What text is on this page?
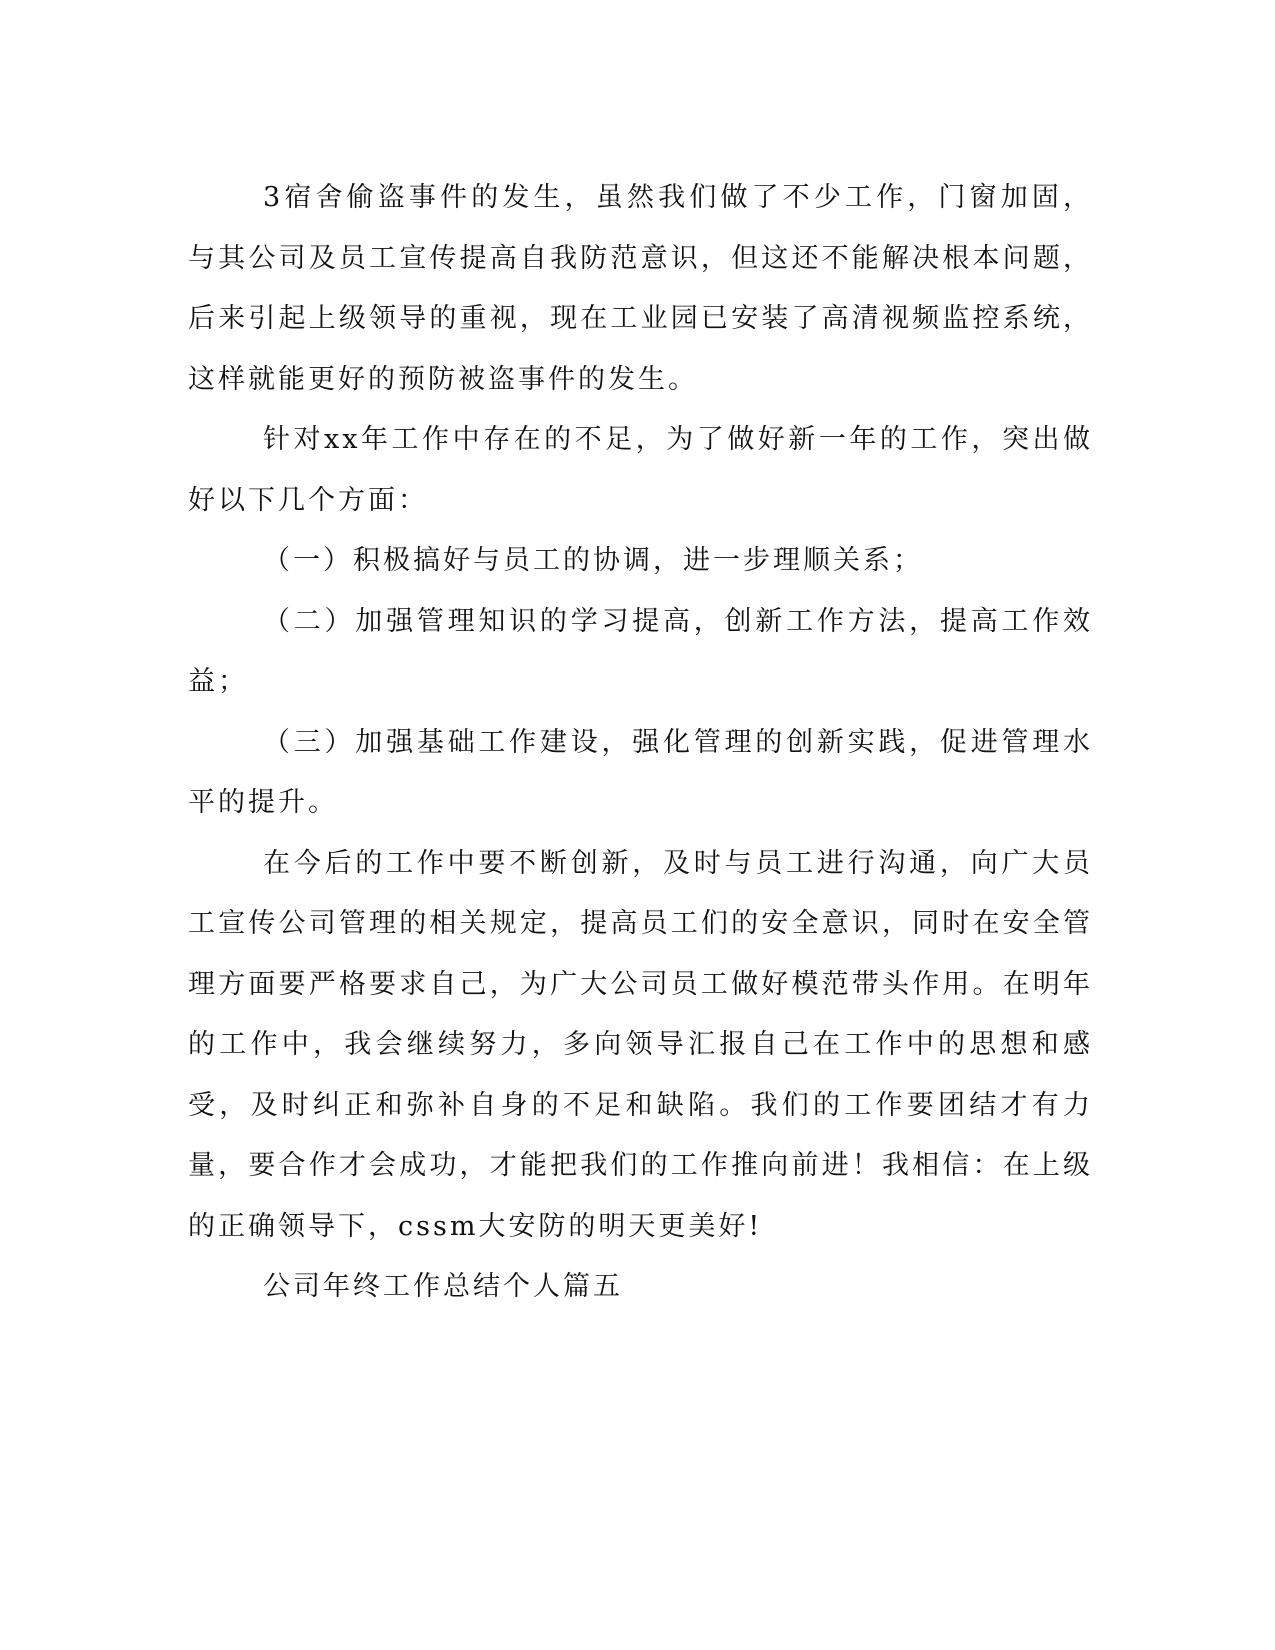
3宿舍偷盗事件的发生，虽然我们做了不少工作，门窗加固，与其公司及员工宣传提高自我防范意识，但这还不能解决根本问题，后来引起上级领导的重视，现在工业园已安装了高清视频监控系统，这样就能更好的预防被盗事件的发生。

针对xx年工作中存在的不足，为了做好新一年的工作，突出做好以下几个方面：

（一）积极搞好与员工的协调，进一步理顺关系；

（二）加强管理知识的学习提高，创新工作方法，提高工作效益；

（三）加强基础工作建设，强化管理的创新实践，促进管理水平的提升。

在今后的工作中要不断创新，及时与员工进行沟通，向广大员工宣传公司管理的相关规定，提高员工们的安全意识，同时在安全管理方面要严格要求自己，为广大公司员工做好模范带头作用。在明年的工作中，我会继续努力，多向领导汇报自己在工作中的思想和感受，及时纠正和弥补自身的不足和缺陷。我们的工作要团结才有力量，要合作才会成功，才能把我们的工作推向前进！我相信：在上级的正确领导下，cssm大安防的明天更美好!

公司年终工作总结个人篇五
